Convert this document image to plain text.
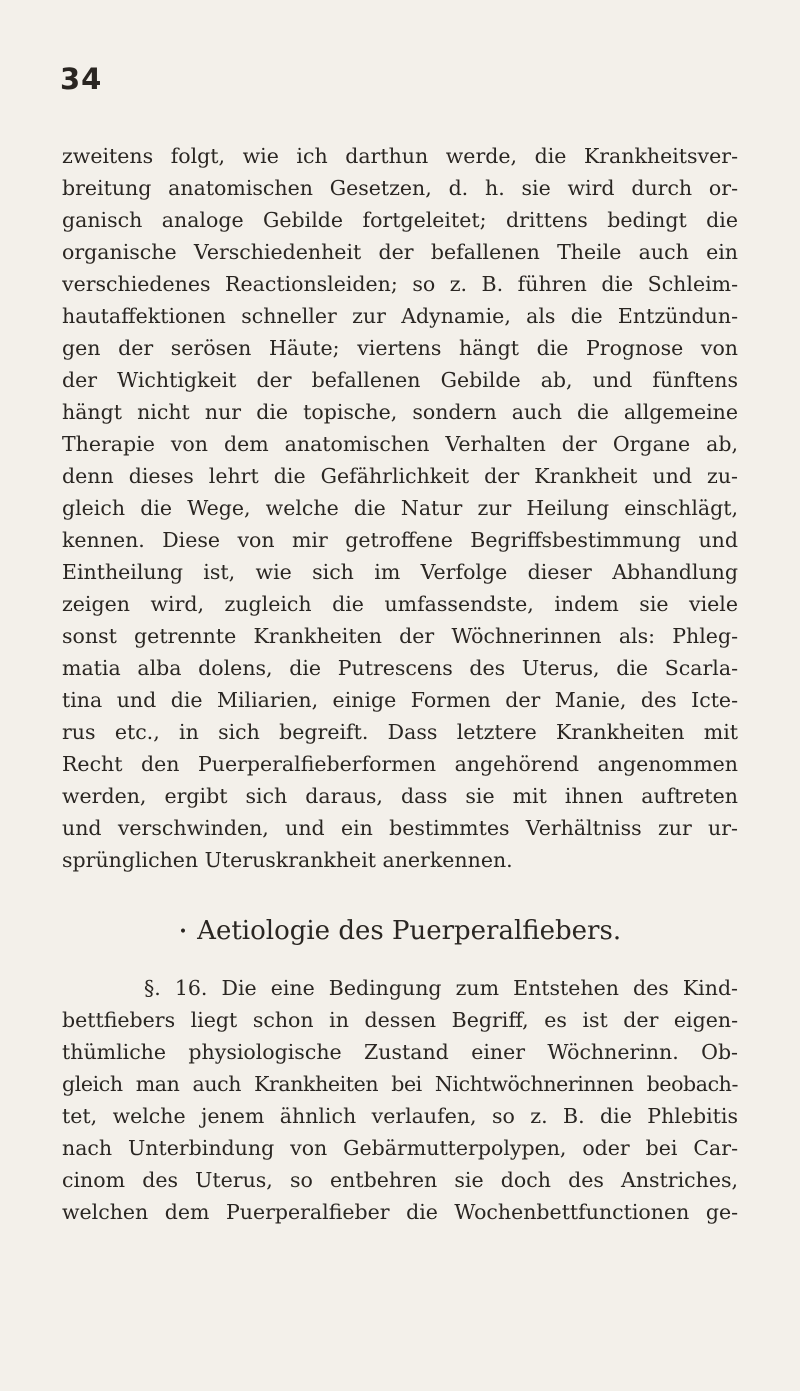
34
zweitens folgt, wie ich darthun werde, die Krankheitsver-
breitung anatomischen Gesetzen, d. h. sie wird durch or-
ganisch analoge Gebilde fortgeleitet; drittens bedingt die
organische Verschiedenheit der befallenen Theile auch ein
verschiedenes Reactionsleiden; so z. B. führen die Schleim-
hautaffektionen schneller zur Adynamie, als die Entzündun-
gen der serösen Häute; viertens hängt die Prognose von
der Wichtigkeit der befallenen Gebilde ab, und fünftens
hängt nicht nur die topische, sondern auch die allgemeine
Therapie von dem anatomischen Verhalten der Organe ab,
denn dieses lehrt die Gefährlichkeit der Krankheit und zu-
gleich die Wege, welche die Natur zur Heilung einschlägt,
kennen. Diese von mir getroffene Begriffsbestimmung und
Eintheilung ist, wie sich im Verfolge dieser Abhandlung
zeigen wird, zugleich die umfassendste, indem sie viele
sonst getrennte Krankheiten der Wöchnerinnen als: Phleg-
matia alba dolens, die Putrescens des Uterus, die Scarla-
tina und die Miliarien, einige Formen der Manie, des Icte-
rus etc., in sich begreift. Dass letztere Krankheiten mit
Recht den Puerperalfieberformen angehörend angenommen
werden, ergibt sich daraus, dass sie mit ihnen auftreten
und verschwinden, und ein bestimmtes Verhältniss zur ur-
sprünglichen Uteruskrankheit anerkennen.
• Aetiologie des Puerperalfiebers.
§. 16. Die eine Bedingung zum Entstehen des Kind-
bettfiebers liegt schon in dessen Begriff, es ist der eigen-
thümliche physiologische Zustand einer Wöchnerinn. Ob-
gleich man auch Krankheiten bei Nichtwöchnerinnen beobach-
tet, welche jenem ähnlich verlaufen, so z. B. die Phlebitis
nach Unterbindung von Gebärmutterpolypen, oder bei Car-
cinom des Uterus, so entbehren sie doch des Anstriches,
welchen dem Puerperalfieber die Wochenbettfunctionen ge-
